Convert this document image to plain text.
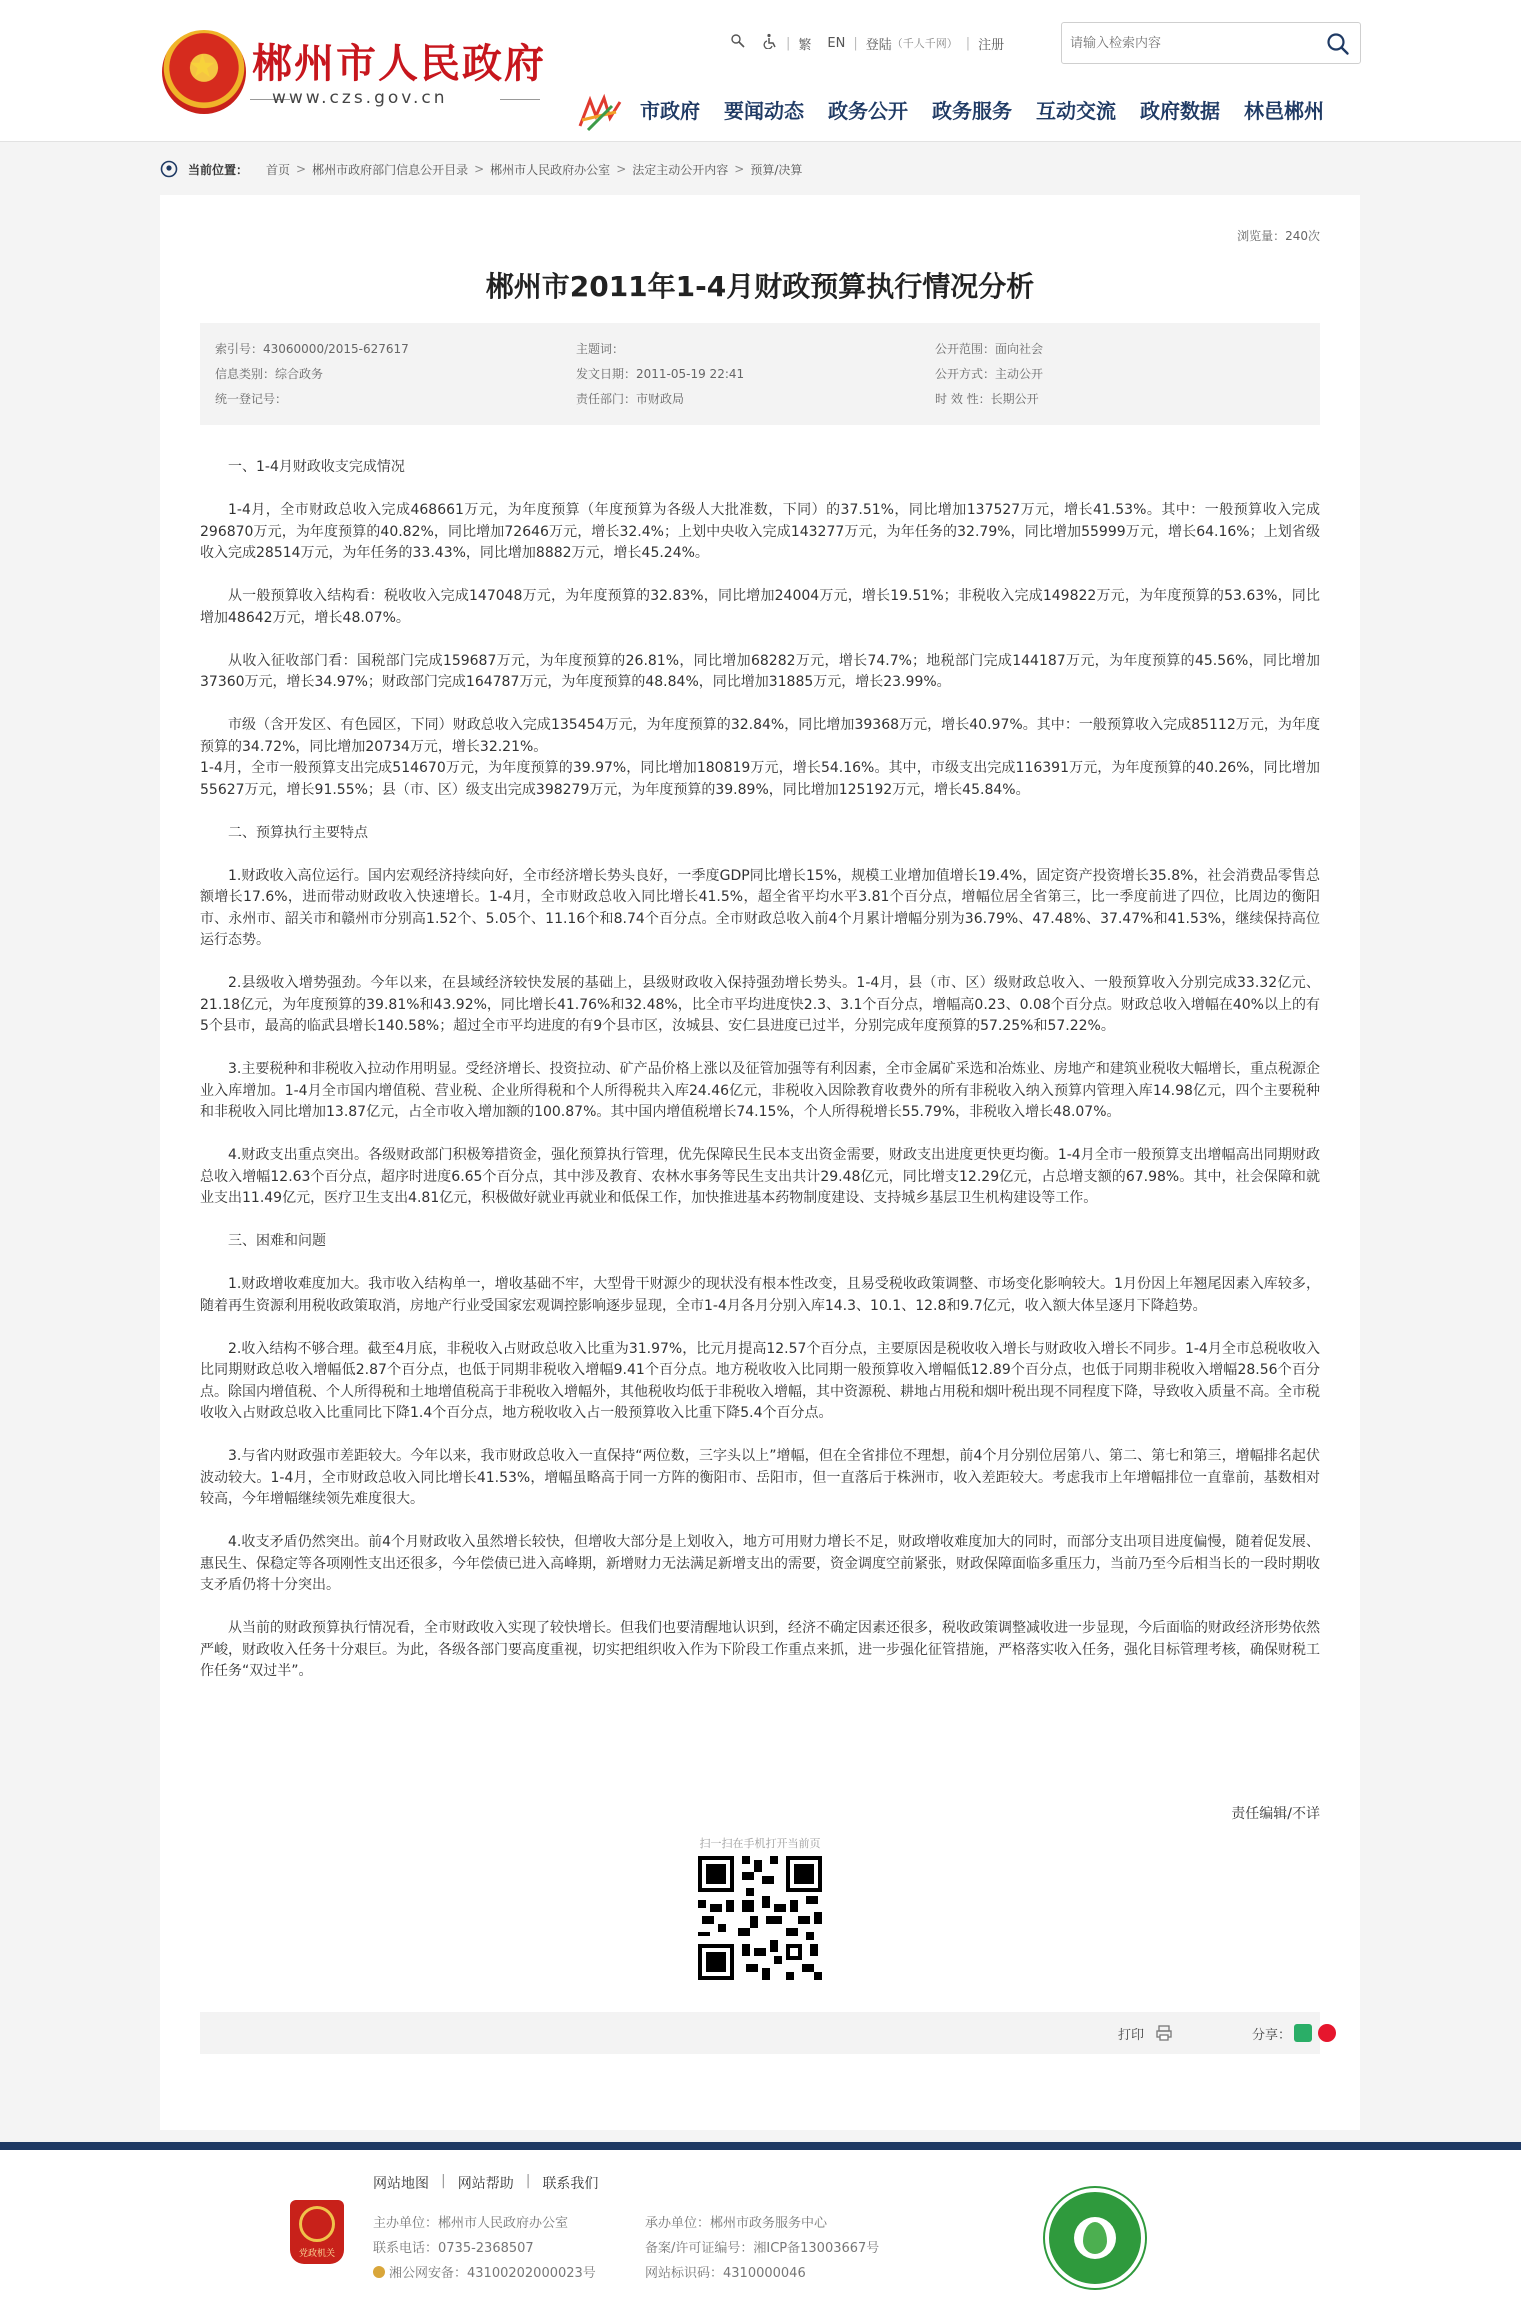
★ 郴州市人民政府
www.czs.gov.cn
| 繁	EN | 登陆 （千人千网） | 注册
请输入检索内容
市政府 要闻动态 政务公开 政务服务 互动交流 政府数据 林邑郴州
当前位置： 首页 > 郴州市政府部门信息公开目录 > 郴州市人民政府办公室 > 法定主动公开内容 > 预算/决算
浏览量：240次
郴州市2011年1-4月财政预算执行情况分析
索引号：43060000/2015-627617
信息类别：综合政务
统一登记号：
主题词：
发文日期：2011-05-19 22:41
责任部门：市财政局
公开范围：面向社会
公开方式：主动公开
时 效 性：长期公开

一、1-4月财政收支完成情况

1-4月，全市财政总收入完成468661万元，为年度预算（年度预算为各级人大批准数，下同）的37.51%，同比增加137527万元，增长41.53%。其中：一般预算收入完成296870万元，为年度预算的40.82%，同比增加72646万元，增长32.4%；上划中央收入完成143277万元，为年任务的32.79%，同比增加55999万元，增长64.16%；上划省级收入完成28514万元，为年任务的33.43%，同比增加8882万元，增长45.24%。

从一般预算收入结构看：税收收入完成147048万元，为年度预算的32.83%，同比增加24004万元，增长19.51%；非税收入完成149822万元，为年度预算的53.63%，同比增加48642万元，增长48.07%。

从收入征收部门看：国税部门完成159687万元，为年度预算的26.81%，同比增加68282万元，增长74.7%；地税部门完成144187万元，为年度预算的45.56%，同比增加37360万元，增长34.97%；财政部门完成164787万元，为年度预算的48.84%，同比增加31885万元，增长23.99%。

市级（含开发区、有色园区，下同）财政总收入完成135454万元，为年度预算的32.84%，同比增加39368万元，增长40.97%。其中：一般预算收入完成85112万元，为年度预算的34.72%，同比增加20734万元，增长32.21%。

1-4月，全市一般预算支出完成514670万元，为年度预算的39.97%，同比增加180819万元，增长54.16%。其中，市级支出完成116391万元，为年度预算的40.26%，同比增加55627万元，增长91.55%；县（市、区）级支出完成398279万元，为年度预算的39.89%，同比增加125192万元，增长45.84%。

二、预算执行主要特点

1.财政收入高位运行。国内宏观经济持续向好，全市经济增长势头良好，一季度GDP同比增长15%，规模工业增加值增长19.4%，固定资产投资增长35.8%，社会消费品零售总额增长17.6%，进而带动财政收入快速增长。1-4月，全市财政总收入同比增长41.5%，超全省平均水平3.81个百分点，增幅位居全省第三，比一季度前进了四位，比周边的衡阳市、永州市、韶关市和赣州市分别高1.52个、5.05个、11.16个和8.74个百分点。全市财政总收入前4个月累计增幅分别为36.79%、47.48%、37.47%和41.53%，继续保持高位运行态势。

2.县级收入增势强劲。今年以来，在县域经济较快发展的基础上，县级财政收入保持强劲增长势头。1-4月，县（市、区）级财政总收入、一般预算收入分别完成33.32亿元、21.18亿元，为年度预算的39.81%和43.92%，同比增长41.76%和32.48%，比全市平均进度快2.3、3.1个百分点，增幅高0.23、0.08个百分点。财政总收入增幅在40%以上的有5个县市，最高的临武县增长140.58%；超过全市平均进度的有9个县市区，汝城县、安仁县进度已过半，分别完成年度预算的57.25%和57.22%。

3.主要税种和非税收入拉动作用明显。受经济增长、投资拉动、矿产品价格上涨以及征管加强等有利因素，全市金属矿采选和冶炼业、房地产和建筑业税收大幅增长，重点税源企业入库增加。1-4月全市国内增值税、营业税、企业所得税和个人所得税共入库24.46亿元，非税收入因除教育收费外的所有非税收入纳入预算内管理入库14.98亿元，四个主要税种和非税收入同比增加13.87亿元，占全市收入增加额的100.87%。其中国内增值税增长74.15%，个人所得税增长55.79%，非税收入增长48.07%。

4.财政支出重点突出。各级财政部门积极筹措资金，强化预算执行管理，优先保障民生民本支出资金需要，财政支出进度更快更均衡。1-4月全市一般预算支出增幅高出同期财政总收入增幅12.63个百分点，超序时进度6.65个百分点，其中涉及教育、农林水事务等民生支出共计29.48亿元，同比增支12.29亿元，占总增支额的67.98%。其中，社会保障和就业支出11.49亿元，医疗卫生支出4.81亿元，积极做好就业再就业和低保工作，加快推进基本药物制度建设、支持城乡基层卫生机构建设等工作。

三、困难和问题

1.财政增收难度加大。我市收入结构单一，增收基础不牢，大型骨干财源少的现状没有根本性改变，且易受税收政策调整、市场变化影响较大。1月份因上年翘尾因素入库较多，随着再生资源利用税收政策取消，房地产行业受国家宏观调控影响逐步显现，全市1-4月各月分别入库14.3、10.1、12.8和9.7亿元，收入额大体呈逐月下降趋势。

2.收入结构不够合理。截至4月底，非税收入占财政总收入比重为31.97%，比元月提高12.57个百分点，主要原因是税收收入增长与财政收入增长不同步。1-4月全市总税收收入比同期财政总收入增幅低2.87个百分点，也低于同期非税收入增幅9.41个百分点。地方税收收入比同期一般预算收入增幅低12.89个百分点，也低于同期非税收入增幅28.56个百分点。除国内增值税、个人所得税和土地增值税高于非税收入增幅外，其他税收均低于非税收入增幅，其中资源税、耕地占用税和烟叶税出现不同程度下降，导致收入质量不高。全市税收收入占财政总收入比重同比下降1.4个百分点，地方税收收入占一般预算收入比重下降5.4个百分点。

3.与省内财政强市差距较大。今年以来，我市财政总收入一直保持“两位数，三字头以上”增幅，但在全省排位不理想，前4个月分别位居第八、第二、第七和第三，增幅排名起伏波动较大。1-4月，全市财政总收入同比增长41.53%，增幅虽略高于同一方阵的衡阳市、岳阳市，但一直落后于株洲市，收入差距较大。考虑我市上年增幅排位一直靠前，基数相对较高，今年增幅继续领先难度很大。

4.收支矛盾仍然突出。前4个月财政收入虽然增长较快，但增收大部分是上划收入，地方可用财力增长不足，财政增收难度加大的同时，而部分支出项目进度偏慢，随着促发展、惠民生、保稳定等各项刚性支出还很多，今年偿债已进入高峰期，新增财力无法满足新增支出的需要，资金调度空前紧张，财政保障面临多重压力，当前乃至今后相当长的一段时期收支矛盾仍将十分突出。

从当前的财政预算执行情况看，全市财政收入实现了较快增长。但我们也要清醒地认识到，经济不确定因素还很多，税收政策调整减收进一步显现，今后面临的财政经济形势依然严峻，财政收入任务十分艰巨。为此，各级各部门要高度重视，切实把组织收入作为下阶段工作重点来抓，进一步强化征管措施，严格落实收入任务，强化目标管理考核，确保财税工作任务“双过半”。

责任编辑/不详
扫一扫在手机打开当前页
打印	分享：
党政机关
网站地图 | 网站帮助 | 联系我们
主办单位：郴州市人民政府办公室
联系电话：0735-2368507
湘公网安备：43100202000023号
承办单位：郴州市政务服务中心
备案/许可证编号：湘ICP备13003667号
网站标识码：4310000046
